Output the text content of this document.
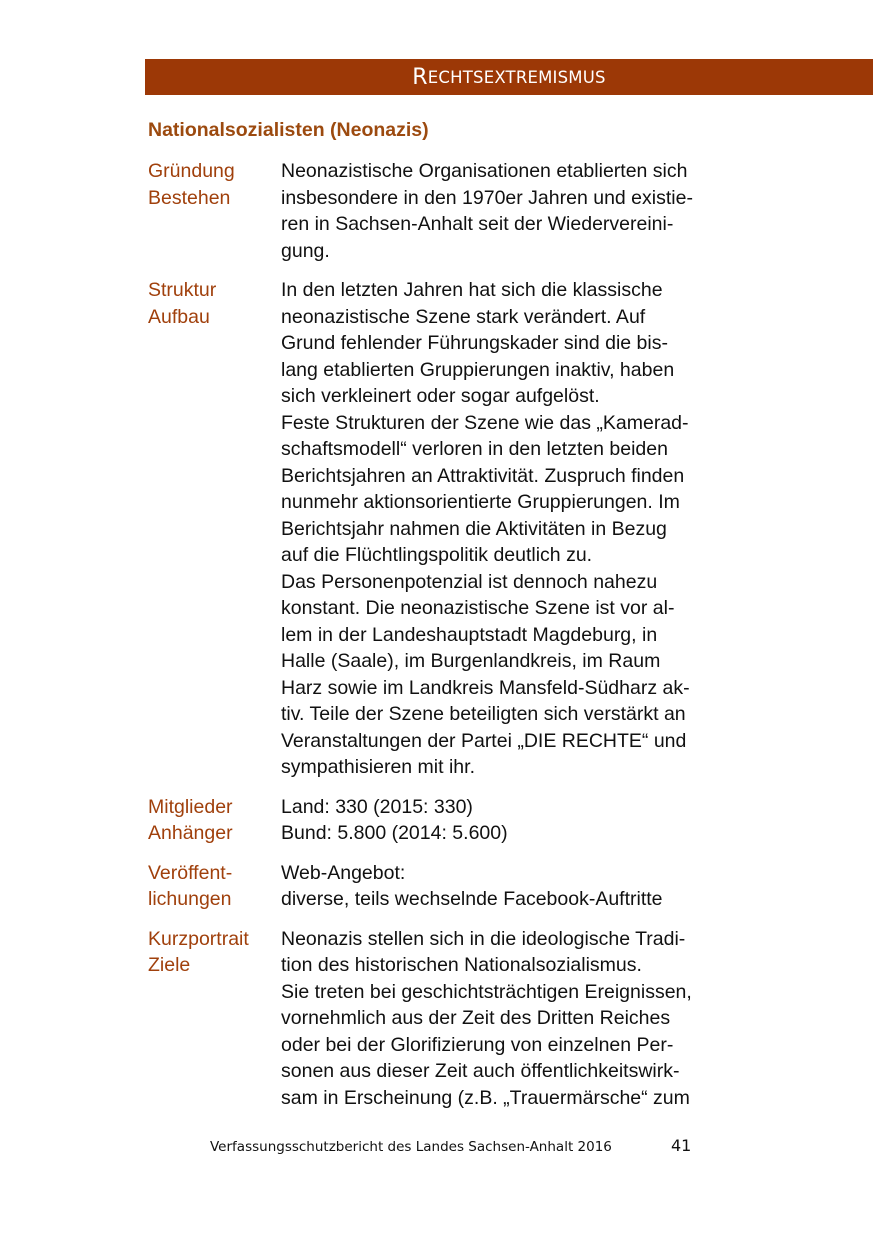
R ECHTSEXTREMISMUS
Nationalsozialisten (Neonazis)
Gründung
Bestehen
Neonazistische Organisationen etablierten sich
insbesondere in den 1970er Jahren und existie-
ren in Sachsen-Anhalt seit der Wiedervereini-
gung.
Struktur
Aufbau
In den letzten Jahren hat sich die klassische
neonazistische Szene stark verändert. Auf
Grund fehlender Führungskader sind die bis-
lang etablierten Gruppierungen inaktiv, haben
sich verkleinert oder sogar aufgelöst.
Feste Strukturen der Szene wie das „Kamerad-
schaftsmodell“ verloren in den letzten beiden
Berichtsjahren an Attraktivität. Zuspruch finden
nunmehr aktionsorientierte Gruppierungen. Im
Berichtsjahr nahmen die Aktivitäten in Bezug
auf die Flüchtlingspolitik deutlich zu.
Das Personenpotenzial ist dennoch nahezu
konstant. Die neonazistische Szene ist vor al-
lem in der Landeshauptstadt Magdeburg, in
Halle (Saale), im Burgenlandkreis, im Raum
Harz sowie im Landkreis Mansfeld-Südharz ak-
tiv. Teile der Szene beteiligten sich verstärkt an
Veranstaltungen der Partei „DIE RECHTE“ und
sympathisieren mit ihr.
Mitglieder
Anhänger
Land: 330 (2015: 330)
Bund: 5.800 (2014: 5.600)
Veröffent-
lichungen
Web-Angebot:
diverse, teils wechselnde Facebook-Auftritte
Kurzportrait
Ziele
Neonazis stellen sich in die ideologische Tradi-
tion des historischen Nationalsozialismus.
Sie treten bei geschichtsträchtigen Ereignissen,
vornehmlich aus der Zeit des Dritten Reiches
oder bei der Glorifizierung von einzelnen Per-
sonen aus dieser Zeit auch öffentlichkeitswirk-
sam in Erscheinung (z.B. „Trauermärsche“ zum
Verfassungsschutzbericht des Landes Sachsen-Anhalt 2016	41
